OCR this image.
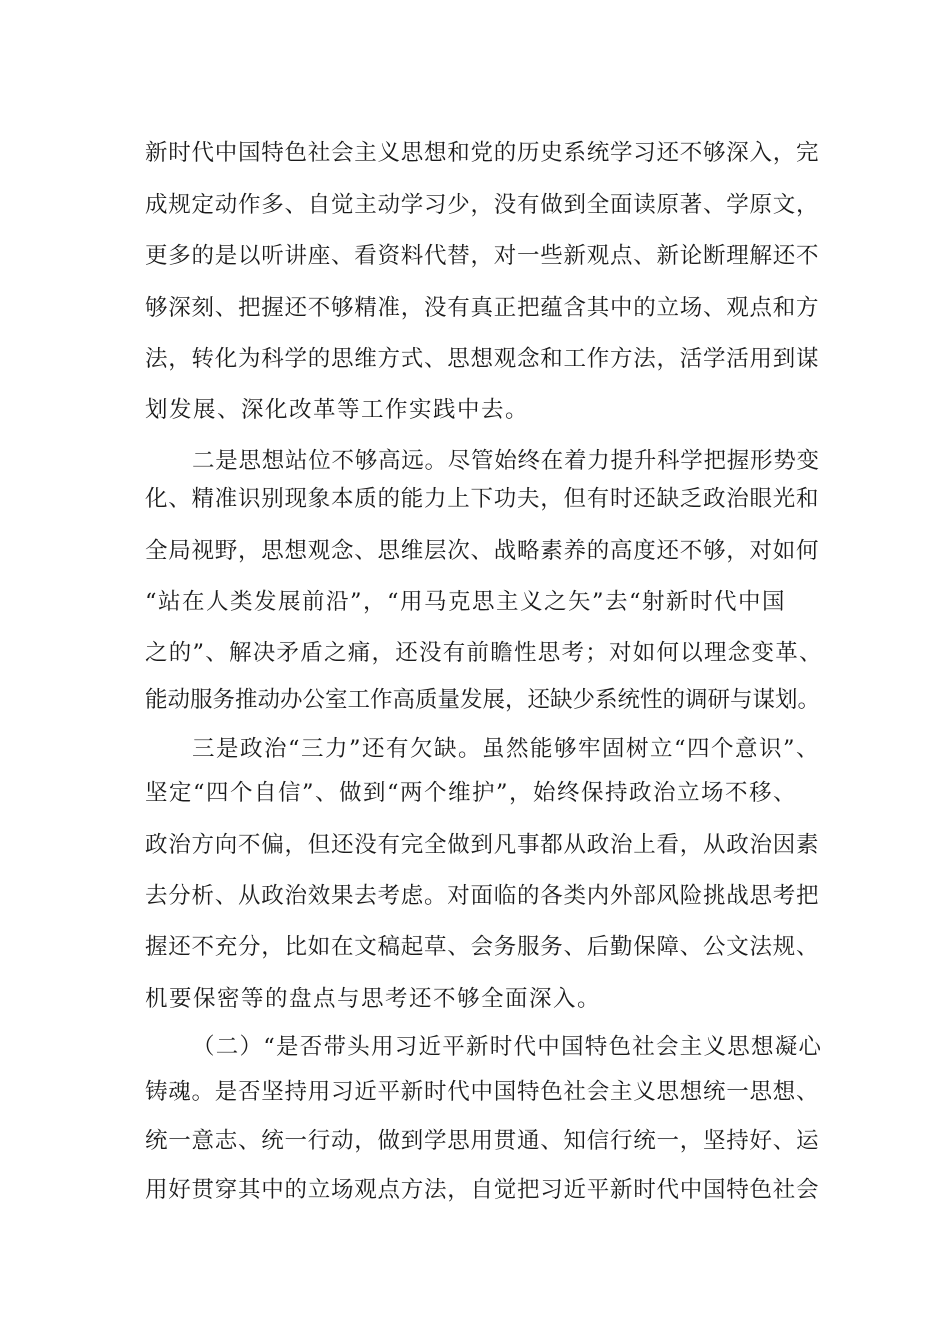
新时代中国特色社会主义思想和党的历史系统学习还不够深入，完
成规定动作多、自觉主动学习少，没有做到全面读原著、学原文，
更多的是以听讲座、看资料代替，对一些新观点、新论断理解还不
够深刻、把握还不够精准，没有真正把蕴含其中的立场、观点和方
法，转化为科学的思维方式、思想观念和工作方法，活学活用到谋
划发展、深化改革等工作实践中去。
二是思想站位不够高远。尽管始终在着力提升科学把握形势变
化、精准识别现象本质的能力上下功夫，但有时还缺乏政治眼光和
全局视野，思想观念、思维层次、战略素养的高度还不够，对如何
“站在人类发展前沿”，“用马克思主义之矢”去“射新时代中国
之的”、解决矛盾之痛，还没有前瞻性思考；对如何以理念变革、
能动服务推动办公室工作高质量发展，还缺少系统性的调研与谋划。
三是政治“三力”还有欠缺。虽然能够牢固树立“四个意识”、
坚定“四个自信”、做到“两个维护”，始终保持政治立场不移、
政治方向不偏，但还没有完全做到凡事都从政治上看，从政治因素
去分析、从政治效果去考虑。对面临的各类内外部风险挑战思考把
握还不充分，比如在文稿起草、会务服务、后勤保障、公文法规、
机要保密等的盘点与思考还不够全面深入。
（二）“是否带头用习近平新时代中国特色社会主义思想凝心
铸魂。是否坚持用习近平新时代中国特色社会主义思想统一思想、
统一意志、统一行动，做到学思用贯通、知信行统一，坚持好、运
用好贯穿其中的立场观点方法，自觉把习近平新时代中国特色社会
